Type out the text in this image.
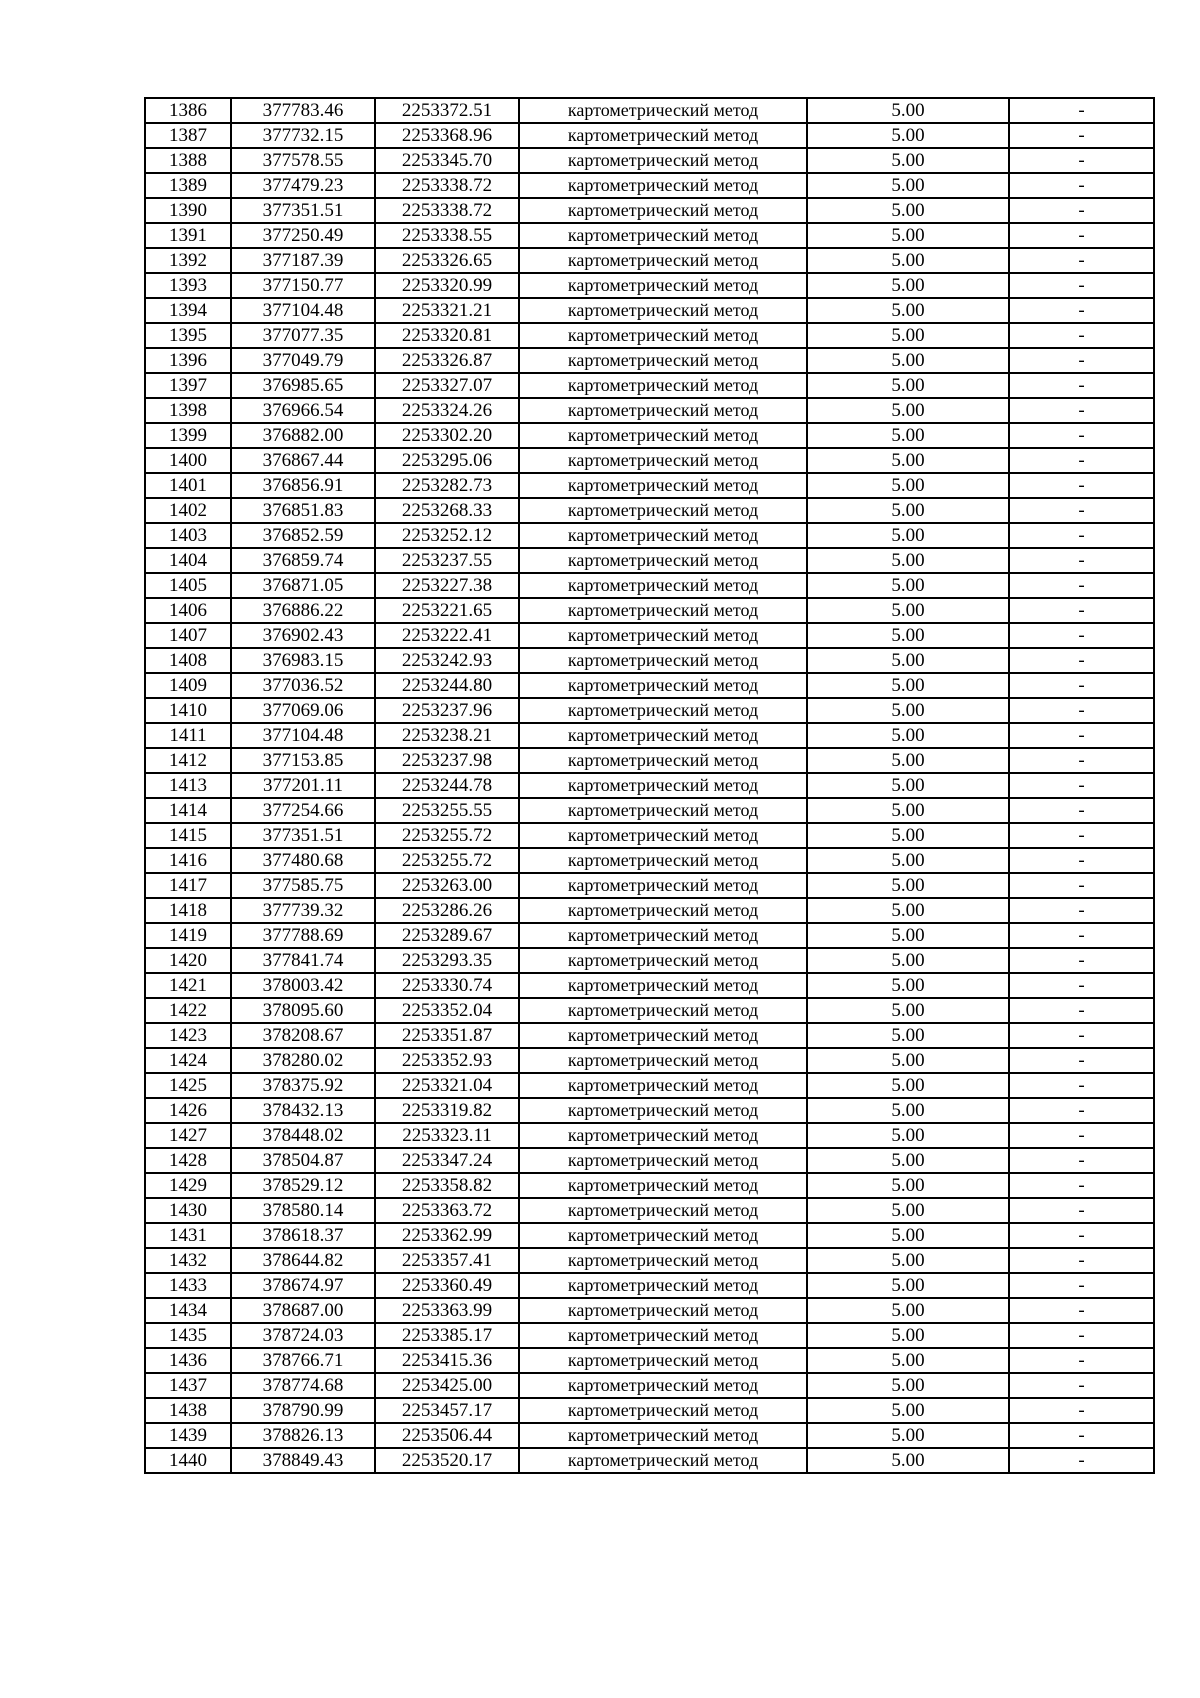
1386	377783.46	2253372.51	картометрический метод	5.00	-
1387	377732.15	2253368.96	картометрический метод	5.00	-
1388	377578.55	2253345.70	картометрический метод	5.00	-
1389	377479.23	2253338.72	картометрический метод	5.00	-
1390	377351.51	2253338.72	картометрический метод	5.00	-
1391	377250.49	2253338.55	картометрический метод	5.00	-
1392	377187.39	2253326.65	картометрический метод	5.00	-
1393	377150.77	2253320.99	картометрический метод	5.00	-
1394	377104.48	2253321.21	картометрический метод	5.00	-
1395	377077.35	2253320.81	картометрический метод	5.00	-
1396	377049.79	2253326.87	картометрический метод	5.00	-
1397	376985.65	2253327.07	картометрический метод	5.00	-
1398	376966.54	2253324.26	картометрический метод	5.00	-
1399	376882.00	2253302.20	картометрический метод	5.00	-
1400	376867.44	2253295.06	картометрический метод	5.00	-
1401	376856.91	2253282.73	картометрический метод	5.00	-
1402	376851.83	2253268.33	картометрический метод	5.00	-
1403	376852.59	2253252.12	картометрический метод	5.00	-
1404	376859.74	2253237.55	картометрический метод	5.00	-
1405	376871.05	2253227.38	картометрический метод	5.00	-
1406	376886.22	2253221.65	картометрический метод	5.00	-
1407	376902.43	2253222.41	картометрический метод	5.00	-
1408	376983.15	2253242.93	картометрический метод	5.00	-
1409	377036.52	2253244.80	картометрический метод	5.00	-
1410	377069.06	2253237.96	картометрический метод	5.00	-
1411	377104.48	2253238.21	картометрический метод	5.00	-
1412	377153.85	2253237.98	картометрический метод	5.00	-
1413	377201.11	2253244.78	картометрический метод	5.00	-
1414	377254.66	2253255.55	картометрический метод	5.00	-
1415	377351.51	2253255.72	картометрический метод	5.00	-
1416	377480.68	2253255.72	картометрический метод	5.00	-
1417	377585.75	2253263.00	картометрический метод	5.00	-
1418	377739.32	2253286.26	картометрический метод	5.00	-
1419	377788.69	2253289.67	картометрический метод	5.00	-
1420	377841.74	2253293.35	картометрический метод	5.00	-
1421	378003.42	2253330.74	картометрический метод	5.00	-
1422	378095.60	2253352.04	картометрический метод	5.00	-
1423	378208.67	2253351.87	картометрический метод	5.00	-
1424	378280.02	2253352.93	картометрический метод	5.00	-
1425	378375.92	2253321.04	картометрический метод	5.00	-
1426	378432.13	2253319.82	картометрический метод	5.00	-
1427	378448.02	2253323.11	картометрический метод	5.00	-
1428	378504.87	2253347.24	картометрический метод	5.00	-
1429	378529.12	2253358.82	картометрический метод	5.00	-
1430	378580.14	2253363.72	картометрический метод	5.00	-
1431	378618.37	2253362.99	картометрический метод	5.00	-
1432	378644.82	2253357.41	картометрический метод	5.00	-
1433	378674.97	2253360.49	картометрический метод	5.00	-
1434	378687.00	2253363.99	картометрический метод	5.00	-
1435	378724.03	2253385.17	картометрический метод	5.00	-
1436	378766.71	2253415.36	картометрический метод	5.00	-
1437	378774.68	2253425.00	картометрический метод	5.00	-
1438	378790.99	2253457.17	картометрический метод	5.00	-
1439	378826.13	2253506.44	картометрический метод	5.00	-
1440	378849.43	2253520.17	картометрический метод	5.00	-
